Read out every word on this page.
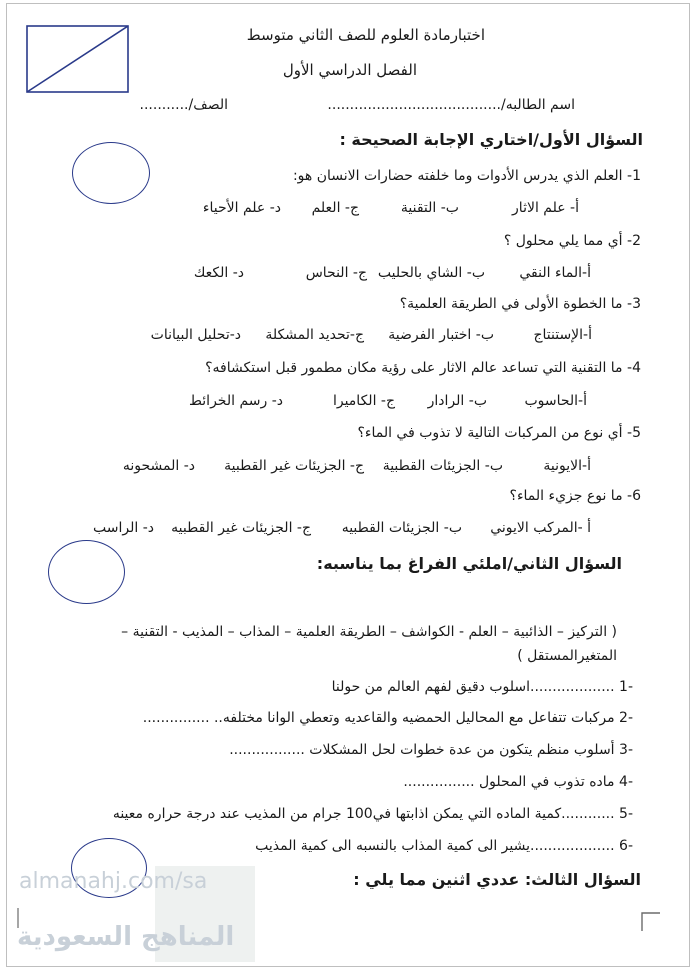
اختبارمادة العلوم للصف الثاني متوسط
الفصل الدراسي الأول
اسم الطالبه/.......................................
الصف/...........
السؤال الأول/اختاري الإجابة الصحيحة :
1- العلم الذي يدرس الأدوات وما خلفته حضارات الانسان هو:
أ- علم الاثار
ب- التقنية
ج- العلم
د- علم الأحياء
2- أي مما يلي محلول ؟
أ-الماء النقي
ب- الشاي بالحليب
ج- النحاس
د- الكعك
3- ما الخطوة الأولى في الطريقة العلمية؟
أ-الإستنتاج
ب- اختبار الفرضية
ج-تحديد المشكلة
د-تحليل البيانات
4- ما التقنية التي تساعد عالم الاثار على رؤية مكان مطمور قبل استكشافه؟
أ-الحاسوب
ب- الرادار
ج- الكاميرا
د- رسم الخرائط
5- أي نوع من المركبات التالية لا تذوب في الماء؟
أ-الايونية
ب- الجزيئات القطبية
ج- الجزيئات غير القطبية
د- المشحونه
6- ما نوع جزيء الماء؟
أ -المركب الايوني
ب- الجزيئات القطبيه
ج- الجزيئات غير القطبيه
د- الراسب
السؤال الثاني/املئي الفراغ بما يناسبه:
( التركيز – الذائبية – العلم - الكواشف – الطريقة العلمية – المذاب – المذيب - التقنية –
المتغيرالمستقل )
-1 ...................اسلوب دقيق لفهم العالم من حولنا
-2 مركبات تتفاعل مع المحاليل الحمضيه والقاعديه وتعطي الوانا مختلفه.. ...............
-3 أسلوب منظم يتكون من عدة خطوات لحل المشكلات .................
-4 ماده تذوب في المحلول ................
-5 ............كمية الماده التي يمكن اذابتها في100 جرام من المذيب عند درجة حراره معينه
-6 ...................يشير الى كمية المذاب بالنسبه الى كمية المذيب
السؤال الثالث: عددي اثنين مما يلي :
almanahj.com/sa
المناهج السعودية
